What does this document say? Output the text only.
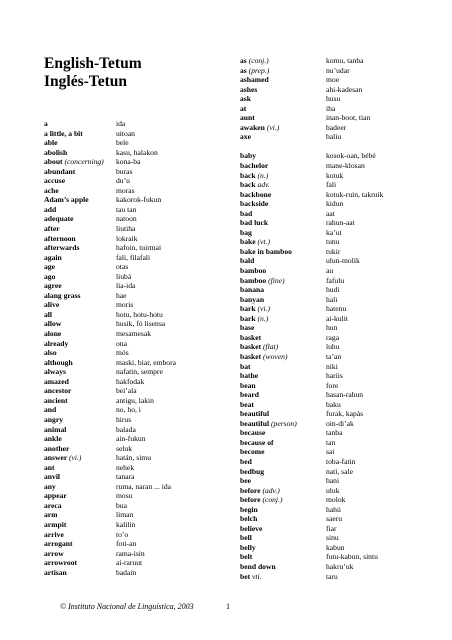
English-Tetum
Inglés-Tetun
a	ida
a little, a bit	uitoan
able	bele
abolish	kasu, halakon
about (concerning) kona-ba
abundant	buras
accuse	du’u
ache	moras
Adam’s apple	kakorok-fukun
add	tau tan
adequate	natoon
after	liutiha
afternoon	lokraik
afterwards	hafoin, tuirmai
again	fali, filafali
age	otas
ago	liubá
agree	lia-ida
alang grass	hae
alive	moris
all	hotu, hotu-hotu
allow	husik, fó lisensa
alone	mesamesak
already	ona
also	mós
although	maski, biar, embora
always	nafatin, sempre
amazed	hakfodak
ancestor	bei’ala
ancient	antigu, lakin
and	no, ho, i
angry	hirus
animal	balada
ankle	ain-fukun
another	seluk
answer (vi.)	hatán, simu
ant	nehek
anvil	tanara
any	ruma, naran ... ida
appear	mosu
areca	bua
arm	liman
armpit	kalilin
arrive	to’o
arrogant	foti-an
arrow	rama-isin
arrowroot	ai-raruut
artisan	badain
as (conj.)	komu, tanba
as (prep.)	nu’udar
ashamed	moe
ashes	ahi-kadesan
ask	husu
at	iha
aunt	inan-boot, tian
awaken (vi.)	badeer
axe	baliu
baby	kosok-oan, bébé
bachelor	mane-klosan
back (n.)	kotuk
back adv.	fali
backbone	kotuk-ruin, takruik
backside	kidun
bad	aat
bad luck	rahun-aat
bag	ka’ut
bake (vt.)	tunu
bake in bamboo	tukir
bald	ulun-molik
bamboo	au
bamboo (fine)	fafulu
banana	hudi
banyan	hali
bark (vi.)	hatenu
bark (n.)	ai-kulit
base	hun
basket	raga
basket (flat)	luhu
basket (woven)	ta’an
bat	niki
bathe	hariis
bean	fore
beard	hasan-rahun
beat	baku
beautiful	furak, kapás
beautiful (person)	oin-di’ak
because	tanba
because of	tan
become	sai
bed	toba-fatin
bedbug	nati, sale
bee	bani
before (adv.)	uluk
before (conj.)	molok
begin	hahú
belch	saeru
believe	fiar
bell	sinu
belly	kabun
belt	futu-kabun, sintu
bend down	hakru’uk
bet vti.	taru
© Instituto Nacional de Linguística, 2003	1
